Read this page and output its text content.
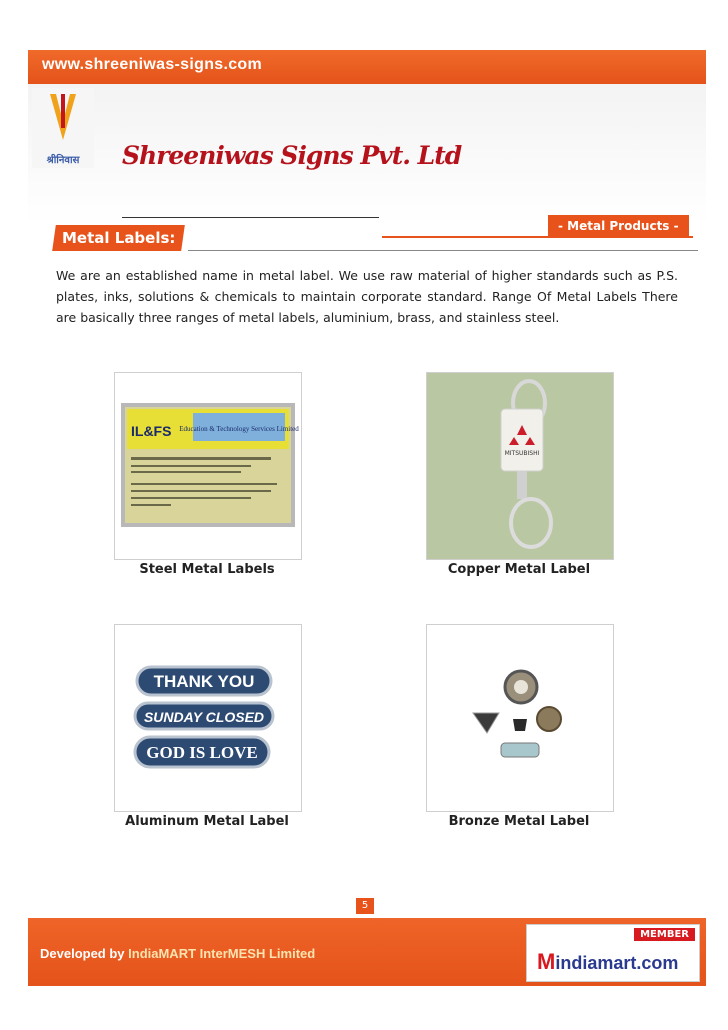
www.shreeniwas-signs.com
श्रीनिवास	Shreeniwas Signs Pvt. Ltd
- Metal Products -
Metal Labels:
We are an established name in metal label. We use raw material of higher standards such as P.S. plates, inks, solutions & chemicals to maintain corporate standard. Range Of Metal Labels There are basically three ranges of metal labels, aluminium, brass, and stainless steel.
IL&FS Education & Technology Services Limited
Steel Metal Labels
MITSUBISHI
Copper Metal Label
THANK YOU
SUNDAY CLOSED
GOD IS LOVE
Aluminum Metal Label	Bronze Metal Label
5
Developed by IndiaMART InterMESH Limited
MEMBER
Mindiamart.com
